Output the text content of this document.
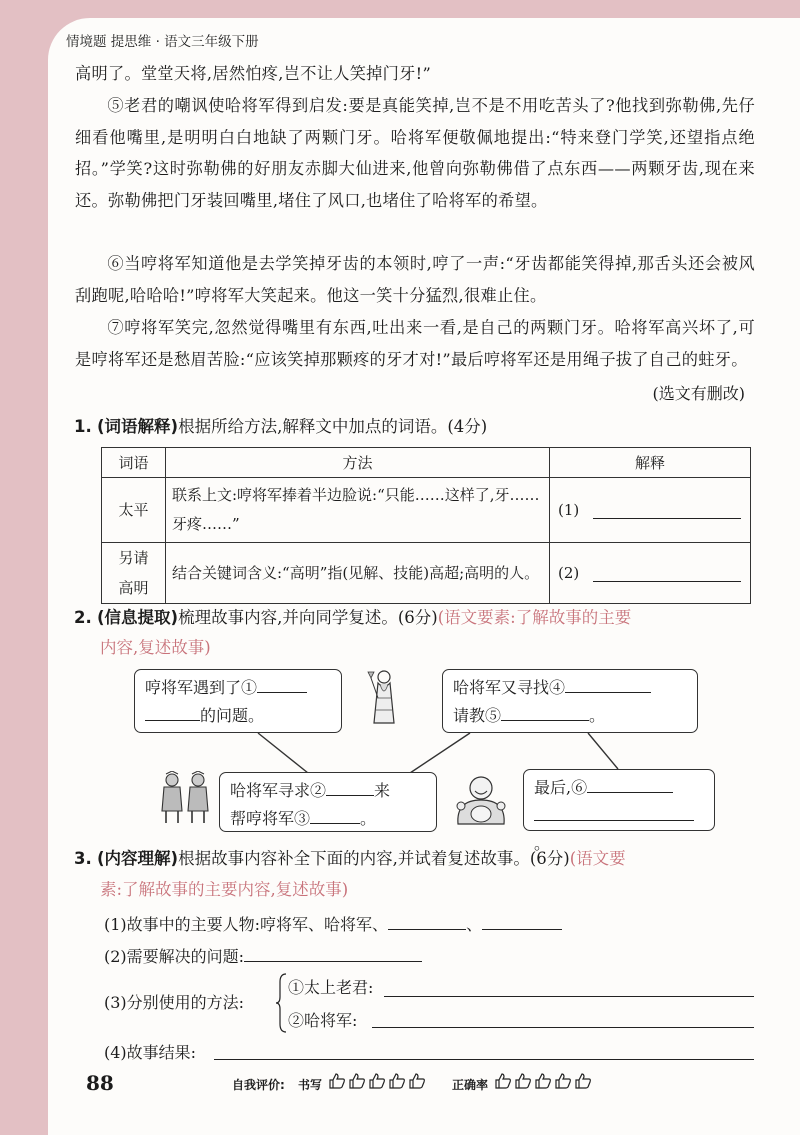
情境题 提思维 · 语文三年级下册
高明了。堂堂天将,居然怕疼,岂不让人笑掉门牙!”
⑤老君的嘲讽使哈将军得到启发:要是真能笑掉,岂不是不用吃苦头了?他找到弥勒佛,先仔细看他嘴里,是明明白白地缺了两颗门牙。哈将军便敬佩地提出:“特来登门学笑,还望指点绝招。”学笑?这时弥勒佛的好朋友赤脚大仙进来,他曾向弥勒佛借了点东西——两颗牙齿,现在来还。弥勒佛把门牙装回嘴里,堵住了风口,也堵住了哈将军的希望。
⑥当哼将军知道他是去学笑掉牙齿的本领时,哼了一声:“牙齿都能笑得掉,那舌头还会被风刮跑呢,哈哈哈!”哼将军大笑起来。他这一笑十分猛烈,很难止住。
⑦哼将军笑完,忽然觉得嘴里有东西,吐出来一看,是自己的两颗门牙。哈将军高兴坏了,可是哼将军还是愁眉苦脸:“应该笑掉那颗疼的牙才对!”最后哼将军还是用绳子拔了自己的蛀牙。
(选文有删改)
1. (词语解释)根据所给方法,解释文中加点的词语。(4分)
词语	方法	解释
太平	联系上文:哼将军捧着半边脸说:“只能……这样了,牙……牙疼……”	(1)

另请高明	结合关键词含义:“高明”指(见解、技能)高超;高明的人。	(2)
2. (信息提取)梳理故事内容,并向同学复述。(6分)(语文要素:了解故事的主要
内容,复述故事)
哼将军遇到了①
的问题。
哈将军又寻找④
请教⑤	。
哈将军寻求②	来
帮哼将军③	。
最后,⑥
。
3. (内容理解)根据故事内容补全下面的内容,并试着复述故事。(6分)(语文要
素:了解故事的主要内容,复述故事)
(1)故事中的主要人物:哼将军、哈将军、	、
(2)需要解决的问题:
(3)分别使用的方法:
①太上老君:
②哈将军:
(4)故事结果:
88	自我评价: 书写	正确率
